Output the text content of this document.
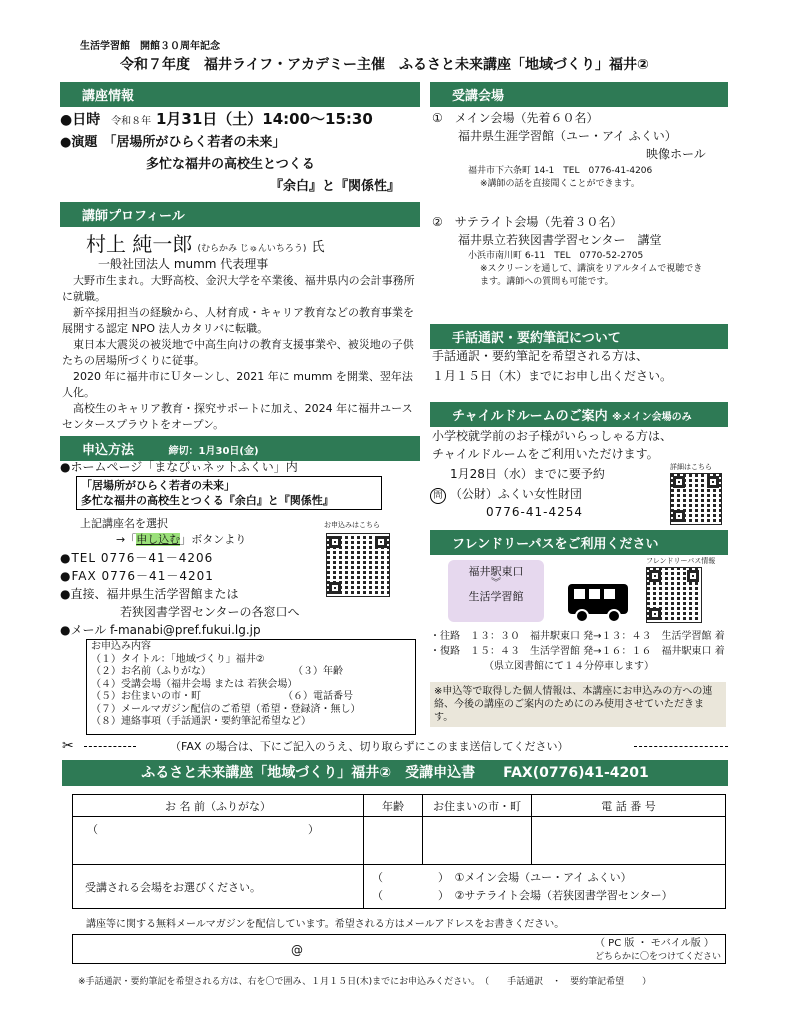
生活学習館　開館３０周年記念
令和７年度　福井ライフ・アカデミー主催　ふるさと未来講座「地域づくり」福井②
講座情報
●日時 令和８年 1月31日（土）14:00～15:30
●演題 「居場所がひらく若者の未来」
多忙な福井の高校生とつくる
『余白』と『関係性』
講師プロフィール
村上 純一郎 (むらかみ じゅんいちろう) 氏
一般社団法人 mumm 代表理事
大野市生まれ。大野高校、金沢大学を卒業後、福井県内の会計事務所に就職。
新卒採用担当の経験から、人材育成・キャリア教育などの教育事業を展開する認定 NPO 法人カタリバに転職。
東日本大震災の被災地で中高生向けの教育支援事業や、被災地の子供たちの居場所づくりに従事。
2020 年に福井市にＵターンし、2021 年に mumm を開業、翌年法人化。
高校生のキャリア教育・探究サポートに加え、2024 年に福井ユースセンタースプラウトをオープン。
申込方法	締切：1月30日(金)
●ホームページ「まなびぃネットふくい」内
「居場所がひらく若者の未来」
多忙な福井の高校生とつくる『余白』と『関係性』
上記講座名を選択
→「申し込む」ボタンより
お申込みはこちら
●TEL 0776－41－4206
●FAX 0776－41－4201
●直接、福井県生活学習館または
若狭図書学習センターの各窓口へ
●メール f-manabi@pref.fukui.lg.jp
お申込み内容
（１）タイトル：「地域づくり」福井②
（２）お名前（ふりがな）	（３）年齢
（４）受講会場（福井会場 または 若狭会場）
（５）お住まいの市・町	（６）電話番号
（７）メールマガジン配信のご希望（希望・登録済・無し）
（８）連絡事項（手話通訳・要約筆記希望など）
受講会場
①　メイン会場（先着６０名）
福井県生涯学習館（ユー・アイ ふくい）
映像ホール
福井市下六条町 14-1　TEL　0776-41-4206
※講師の話を直接聞くことができます。
②　サテライト会場（先着３０名）
福井県立若狭図書学習センター　講堂
小浜市南川町 6-11　TEL　0770-52-2705
※スクリーンを通して、講演をリアルタイムで視聴でき
ます。講師への質問も可能です。
手話通訳・要約筆記について
手話通訳・要約筆記を希望される方は、
１月１５日（木）までにお申し出ください。
チャイルドルームのご案内 ※メイン会場のみ
小学校就学前のお子様がいらっしゃる方は、
チャイルドルームをご利用いただけます。
1月28日（水）までに要予約
問 （公財）ふくい女性財団
0776-41-4254
詳細はこちら
フレンドリーパスをご利用ください
福井駅東口
︾
生活学習館
フレンドリーパス情報
・往路　１３：３０　福井駅東口 発→１３：４３　生活学習館 着
・復路　１５：４３　生活学習館 発→１６：１６　福井駅東口 着
（県立図書館にて１４分停車します）
※申込等で取得した個人情報は、本講座にお申込みの方への連絡、今後の講座のご案内のためにのみ使用させていただきます。
✂	（FAX の場合は、下にご記入のうえ、切り取らずにこのまま送信してください）
ふるさと未来講座「地域づくり」福井②　受講申込書　　FAX(0776)41-4201
お 名 前（ふりがな）	年齢	お住まいの市・町	電 話 番 号
（ ）			
受講される会場をお選びください。	（　　　　　）　①メイン会場（ユー・アイ ふくい）
（　　　　　）　②サテライト会場（若狭図書学習センター）		
講座等に関する無料メールマガジンを配信しています。希望される方はメールアドレスをお書きください。
@	（ PC 版 ・ モバイル版 ）
どちらかに〇をつけてください
※手話通訳・要約筆記を希望される方は、右を〇で囲み、１月１５日(木)までにお申込みください。　（　　手話通訳　・　要約筆記希望　　）
